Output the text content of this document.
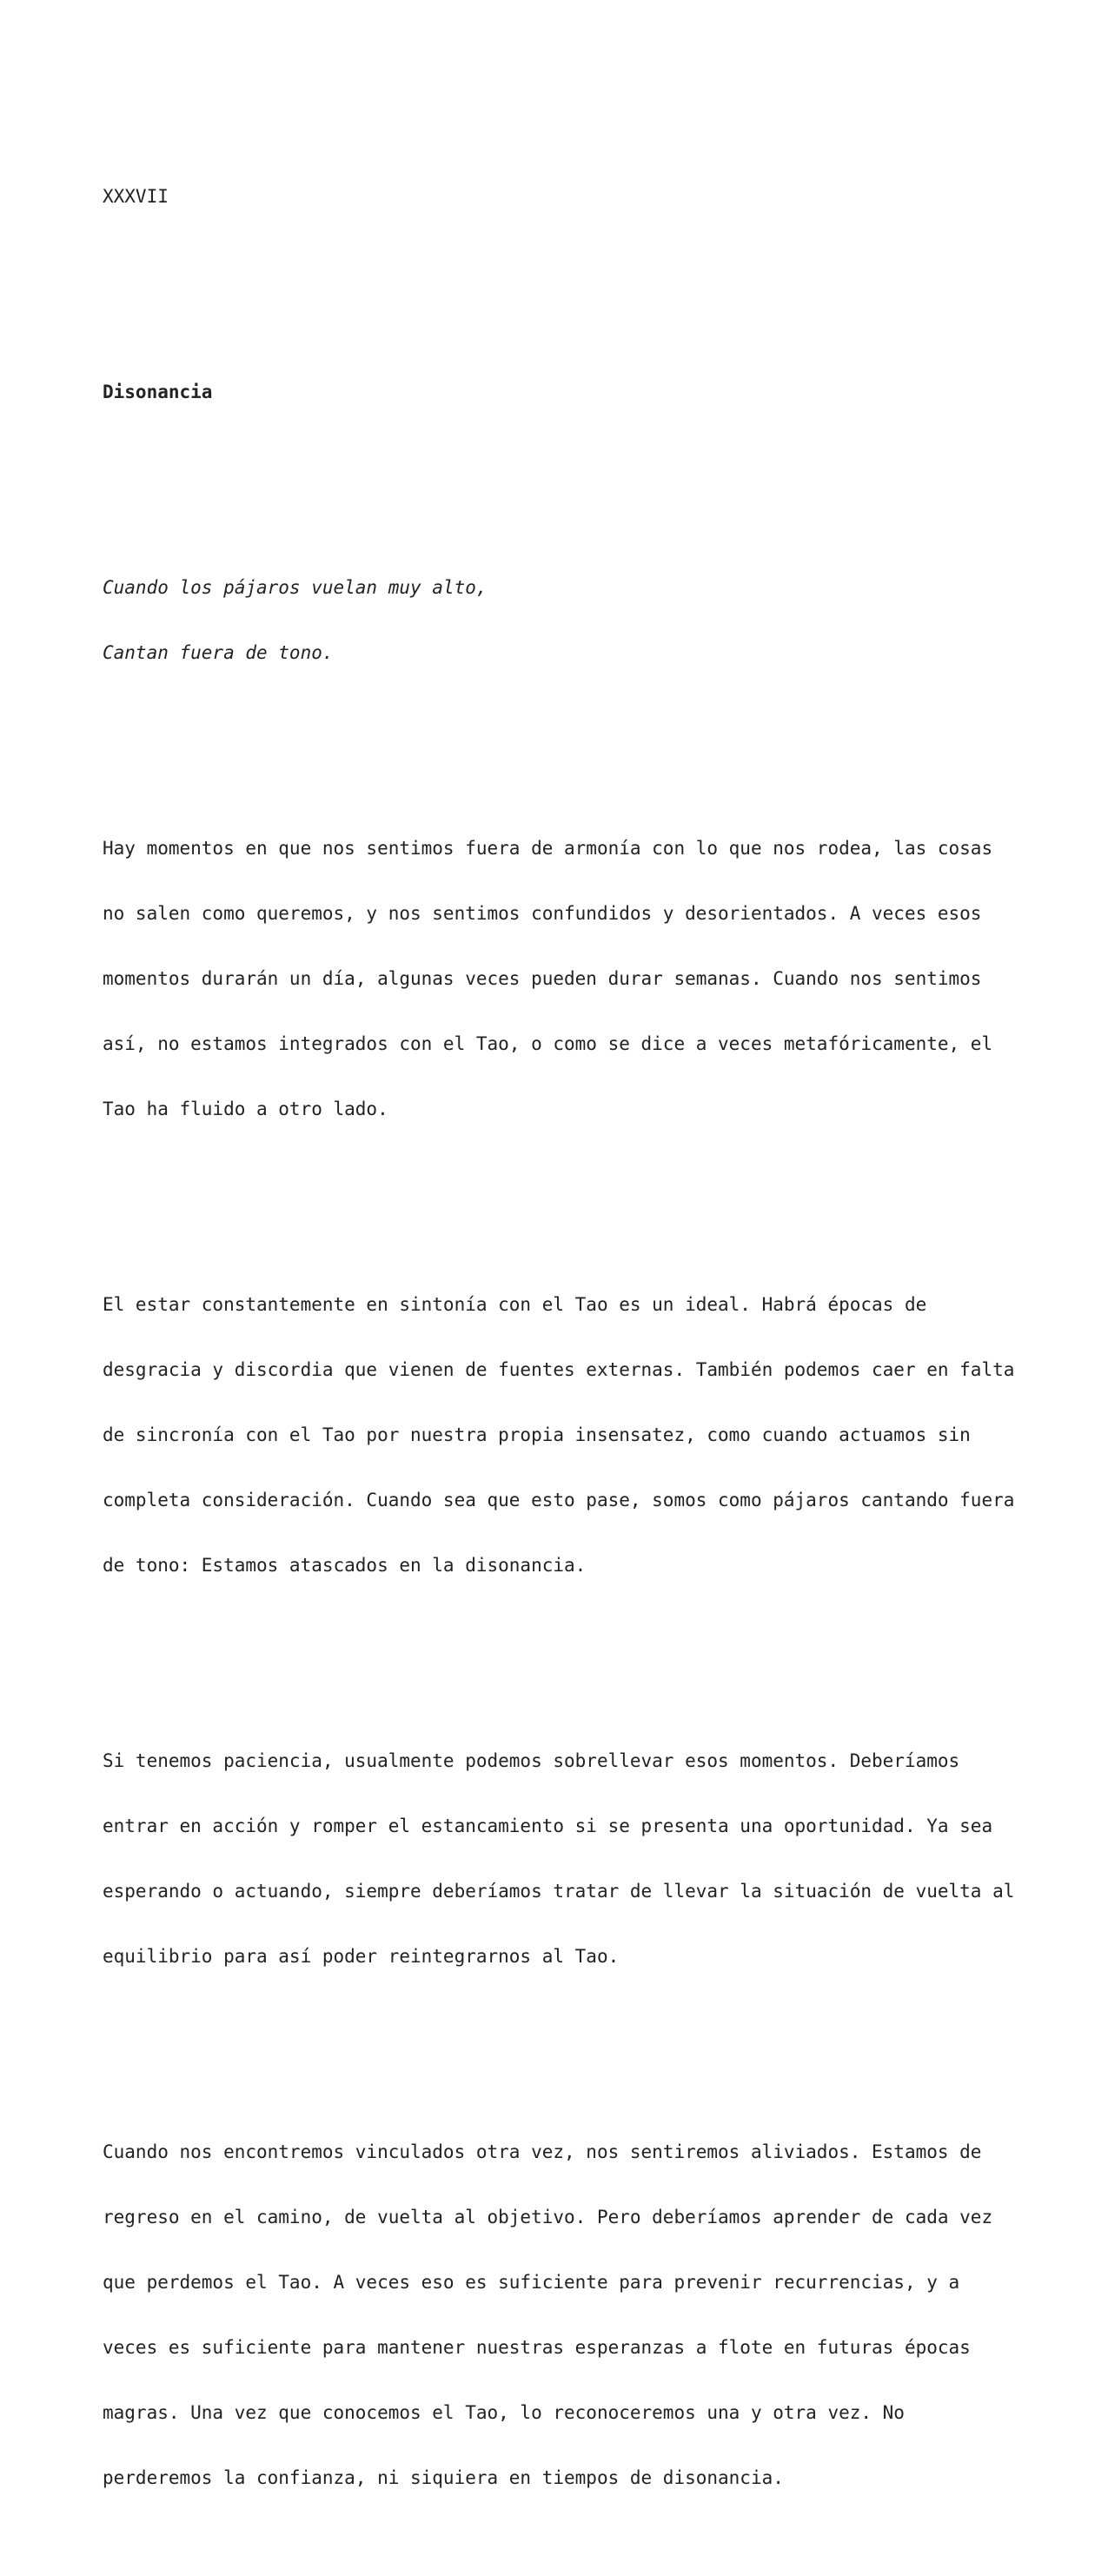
XXXVII

Disonancia

Cuando los pájaros vuelan muy alto,

Cantan fuera de tono.

Hay momentos en que nos sentimos fuera de armonía con lo que nos rodea, las cosas

no salen como queremos, y nos sentimos confundidos y desorientados. A veces esos

momentos durarán un día, algunas veces pueden durar semanas. Cuando nos sentimos

así, no estamos integrados con el Tao, o como se dice a veces metafóricamente, el

Tao ha fluido a otro lado.

El estar constantemente en sintonía con el Tao es un ideal. Habrá épocas de

desgracia y discordia que vienen de fuentes externas. También podemos caer en falta

de sincronía con el Tao por nuestra propia insensatez, como cuando actuamos sin

completa consideración. Cuando sea que esto pase, somos como pájaros cantando fuera

de tono: Estamos atascados en la disonancia.

Si tenemos paciencia, usualmente podemos sobrellevar esos momentos. Deberíamos

entrar en acción y romper el estancamiento si se presenta una oportunidad. Ya sea

esperando o actuando, siempre deberíamos tratar de llevar la situación de vuelta al

equilibrio para así poder reintegrarnos al Tao.

Cuando nos encontremos vinculados otra vez, nos sentiremos aliviados. Estamos de

regreso en el camino, de vuelta al objetivo. Pero deberíamos aprender de cada vez

que perdemos el Tao. A veces eso es suficiente para prevenir recurrencias, y a

veces es suficiente para mantener nuestras esperanzas a flote en futuras épocas

magras. Una vez que conocemos el Tao, lo reconoceremos una y otra vez. No

perderemos la confianza, ni siquiera en tiempos de disonancia.
